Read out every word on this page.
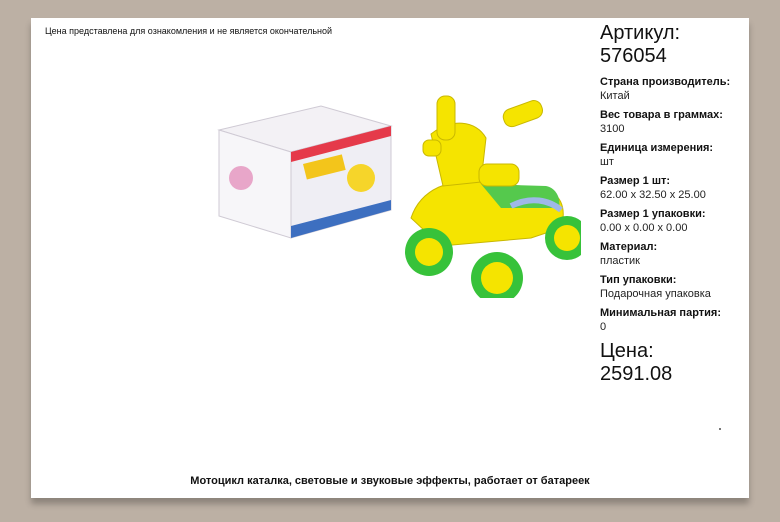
Цена представлена для ознакомления и не является окончательной	Артикул:
576054
Страна производитель:
Китай
Вес товара в граммах:
3100
Единица измерения:
шт
Размер 1 шт:
62.00 x 32.50 x 25.00
Размер 1 упаковки:
0.00 x 0.00 x 0.00
Материал:
пластик
Тип упаковки:
Подарочная упаковка
Минимальная партия:
0
Цена:
2591.08
Мотоцикл каталка, световые и звуковые эффекты, работает от батареек
